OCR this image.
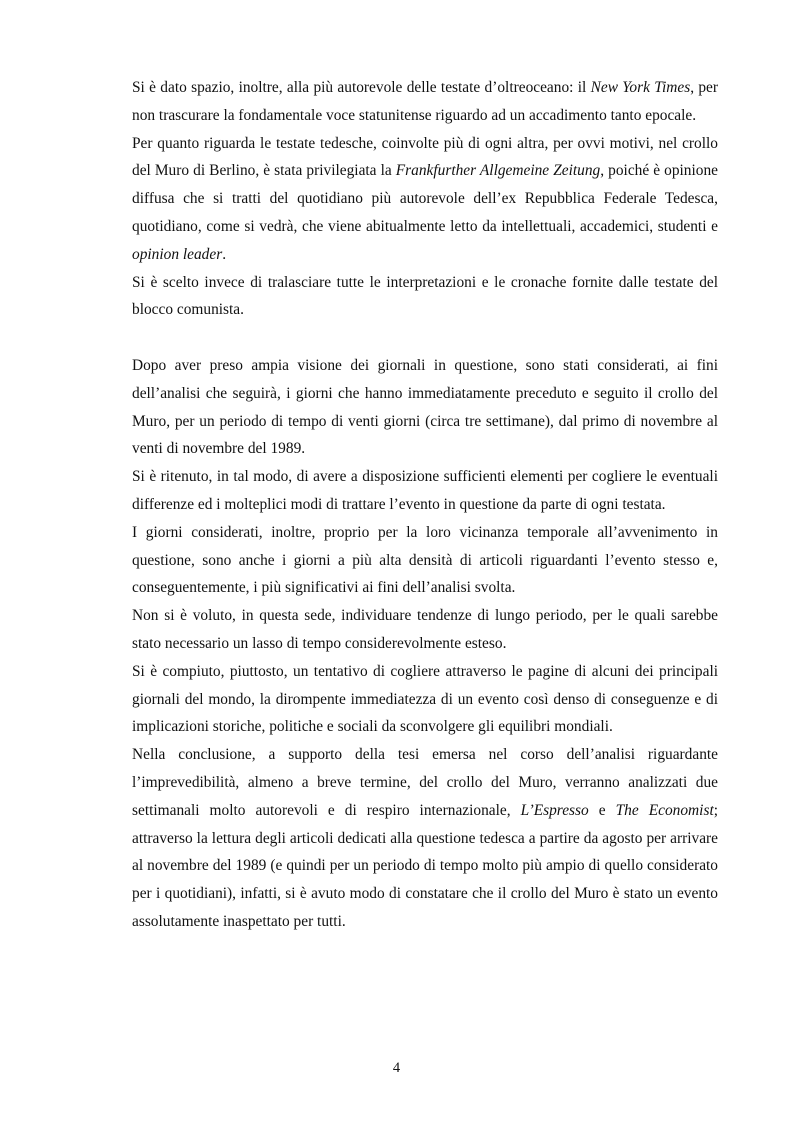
Si è dato spazio, inoltre, alla più autorevole delle testate d’oltreoceano: il New York Times, per non trascurare la fondamentale voce statunitense riguardo ad un accadimento tanto epocale.

Per quanto riguarda le testate tedesche, coinvolte più di ogni altra, per ovvi motivi, nel crollo del Muro di Berlino, è stata privilegiata la Frankfurther Allgemeine Zeitung, poiché è opinione diffusa che si tratti del quotidiano più autorevole dell’ex Repubblica Federale Tedesca, quotidiano, come si vedrà, che viene abitualmente letto da intellettuali, accademici, studenti e opinion leader.

Si è scelto invece di tralasciare tutte le interpretazioni e le cronache fornite dalle testate del blocco comunista.

Dopo aver preso ampia visione dei giornali in questione, sono stati considerati, ai fini dell’analisi che seguirà, i giorni che hanno immediatamente preceduto e seguito il crollo del Muro, per un periodo di tempo di venti giorni (circa tre settimane), dal primo di novembre al venti di novembre del 1989.

Si è ritenuto, in tal modo, di avere a disposizione sufficienti elementi per cogliere le eventuali differenze ed i molteplici modi di trattare l’evento in questione da parte di ogni testata.

I giorni considerati, inoltre, proprio per la loro vicinanza temporale all’avvenimento in questione, sono anche i giorni a più alta densità di articoli riguardanti l’evento stesso e, conseguentemente, i più significativi ai fini dell’analisi svolta.

Non si è voluto, in questa sede, individuare tendenze di lungo periodo, per le quali sarebbe stato necessario un lasso di tempo considerevolmente esteso.

Si è compiuto, piuttosto, un tentativo di cogliere attraverso le pagine di alcuni dei principali giornali del mondo, la dirompente immediatezza di un evento così denso di conseguenze e di implicazioni storiche, politiche e sociali da sconvolgere gli equilibri mondiali.

Nella conclusione, a supporto della tesi emersa nel corso dell’analisi riguardante l’imprevedibilità, almeno a breve termine, del crollo del Muro, verranno analizzati due settimanali molto autorevoli e di respiro internazionale, L’Espresso e The Economist; attraverso la lettura degli articoli dedicati alla questione tedesca a partire da agosto per arrivare al novembre del 1989 (e quindi per un periodo di tempo molto più ampio di quello considerato per i quotidiani), infatti, si è avuto modo di constatare che il crollo del Muro è stato un evento assolutamente inaspettato per tutti.

4
